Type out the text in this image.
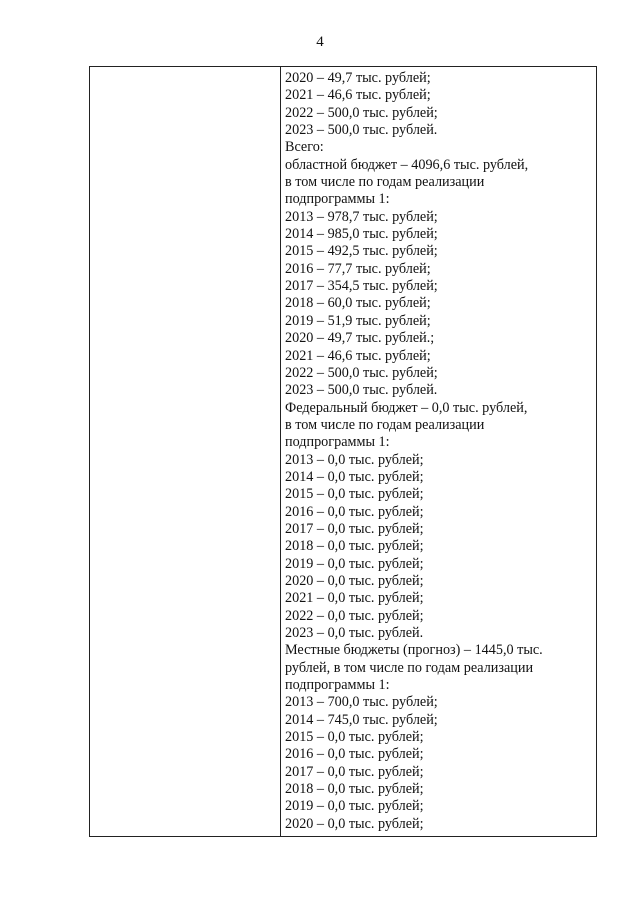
4
2020 – 49,7 тыс. рублей;
2021 – 46,6 тыс. рублей;
2022 – 500,0 тыс. рублей;
2023 – 500,0 тыс. рублей.
Всего:
областной бюджет – 4096,6 тыс. рублей,
в том числе по годам реализации
подпрограммы 1:
2013 – 978,7 тыс. рублей;
2014 – 985,0 тыс. рублей;
2015 – 492,5 тыс. рублей;
2016 – 77,7 тыс. рублей;
2017 – 354,5 тыс. рублей;
2018 – 60,0 тыс. рублей;
2019 – 51,9 тыс. рублей;
2020 – 49,7 тыс. рублей.;
2021 – 46,6 тыс. рублей;
2022 – 500,0 тыс. рублей;
2023 – 500,0 тыс. рублей.
Федеральный бюджет – 0,0 тыс. рублей,
в том числе по годам реализации
подпрограммы 1:
2013 – 0,0 тыс. рублей;
2014 – 0,0 тыс. рублей;
2015 – 0,0 тыс. рублей;
2016 – 0,0 тыс. рублей;
2017 – 0,0 тыс. рублей;
2018 – 0,0 тыс. рублей;
2019 – 0,0 тыс. рублей;
2020 – 0,0 тыс. рублей;
2021 – 0,0 тыс. рублей;
2022 – 0,0 тыс. рублей;
2023 – 0,0 тыс. рублей.
Местные бюджеты (прогноз) – 1445,0 тыс.
рублей, в том числе по годам реализации
подпрограммы 1:
2013 – 700,0 тыс. рублей;
2014 – 745,0 тыс. рублей;
2015 – 0,0 тыс. рублей;
2016 – 0,0 тыс. рублей;
2017 – 0,0 тыс. рублей;
2018 – 0,0 тыс. рублей;
2019 – 0,0 тыс. рублей;
2020 – 0,0 тыс. рублей;
